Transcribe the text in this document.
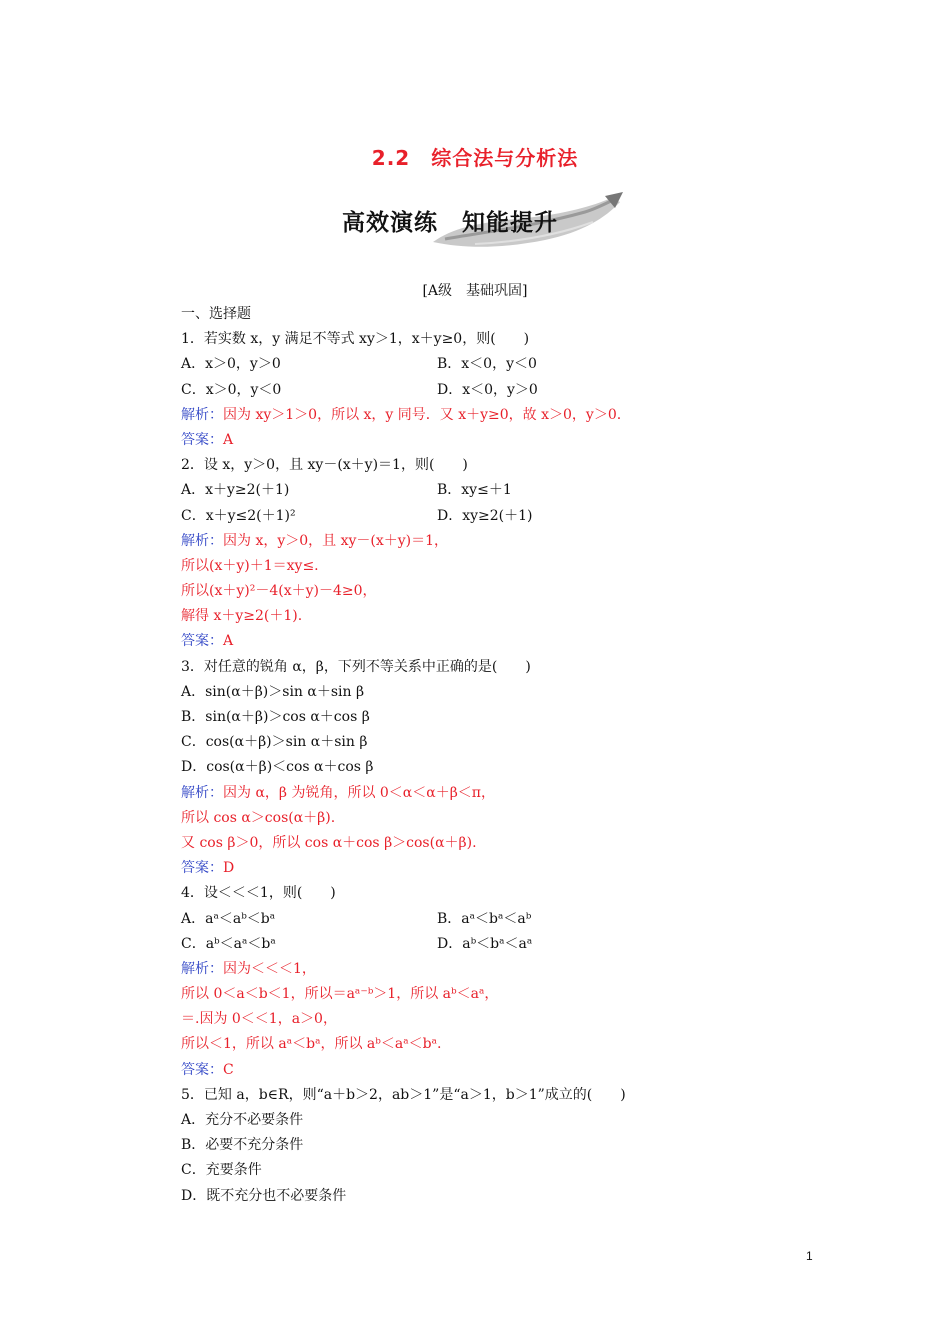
2.2　综合法与分析法
高效演练　知能提升
[A级　基础巩固]
一、选择题
1．若实数 x，y 满足不等式 xy＞1，x＋y≥0，则(　　)
A．x＞0，y＞0	B．x＜0，y＜0
C．x＞0，y＜0	D．x＜0，y＞0
解析：因为 xy＞1＞0，所以 x，y 同号．又 x＋y≥0，故 x＞0，y＞0.
答案：A
2．设 x，y＞0，且 xy－(x＋y)＝1，则(　　)
A．x＋y≥2(＋1)	B．xy≤＋1
C．x＋y≤2(＋1)²	D．xy≥2(＋1)
解析：因为 x，y＞0，且 xy－(x＋y)＝1，
所以(x＋y)＋1＝xy≤.
所以(x＋y)²－4(x＋y)－4≥0，
解得 x＋y≥2(＋1).
答案：A
3．对任意的锐角 α，β，下列不等关系中正确的是(　　)
A．sin(α＋β)＞sin α＋sin β
B．sin(α＋β)＞cos α＋cos β
C．cos(α＋β)＞sin α＋sin β
D．cos(α＋β)＜cos α＋cos β
解析：因为 α，β 为锐角，所以 0＜α＜α＋β＜π，
所以 cos α＞cos(α＋β).
又 cos β＞0，所以 cos α＋cos β＞cos(α＋β).
答案：D
4．设＜＜＜1，则(　　)
A．aᵃ＜aᵇ＜bᵃ	B．aᵃ＜bᵃ＜aᵇ
C．aᵇ＜aᵃ＜bᵃ	D．aᵇ＜bᵃ＜aᵃ
解析：因为＜＜＜1，
所以 0＜a＜b＜1，所以＝aᵃ⁻ᵇ＞1，所以 aᵇ＜aᵃ，
＝.因为 0＜＜1，a＞0，
所以＜1，所以 aᵃ＜bᵃ，所以 aᵇ＜aᵃ＜bᵃ.
答案：C
5．已知 a，b∈R，则“a＋b＞2，ab＞1”是“a＞1，b＞1”成立的(　　)
A．充分不必要条件
B．必要不充分条件
C．充要条件
D．既不充分也不必要条件
1
